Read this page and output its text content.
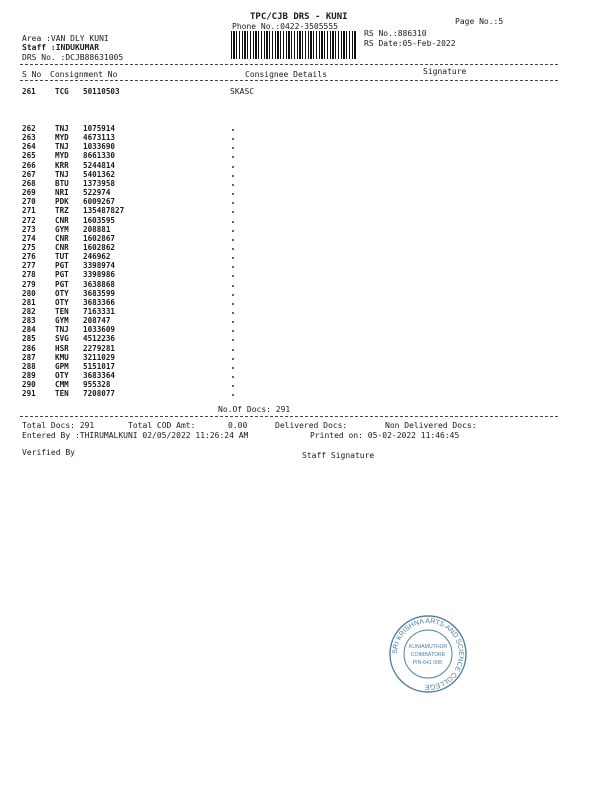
TPC/CJB DRS - KUNI
Phone No.:0422-3505555
Page No.:5
Area :VAN DLY KUNI
Staff :INDUKUMAR
DRS No. :DCJB88631005
RS No.:886310
RS Date:05-Feb-2022
S No Consignment No	Consignee Details	Signature
261	TCG	50110503	SKASC
262	TNJ	1075914
263	MYD	4673113
264	TNJ	1033690
265	MYD	8661330
266	KRR	5244814
267	TNJ	5401362
268	BTU	1373958
269	NRI	522974
270	PDK	6009267
271	TRZ	135487827
272	CNR	1603595
273	GYM	208881
274	CNR	1602867
275	CNR	1602862
276	TUT	246962
277	PGT	3398974
278	PGT	3398986
279	PGT	3638868
280	OTY	3683599
281	OTY	3683366
282	TEN	7163331
283	GYM	208747
284	TNJ	1033609
285	SVG	4512236
286	HSR	2279281
287	KMU	3211029
288	GPM	5151017
289	OTY	3683364
290	CMM	955328
291	TEN	7208077
No.Of Docs: 291
Total Docs: 291	Total COD Amt:	0.00	Delivered Docs:	Non Delivered Docs:
Entered By :THIRUMALKUNI 02/05/2022 11:26:24 AM	Printed on: 05-02-2022 11:46:45
Verified By	Staff Signature
SRI KRISHNA ARTS AND SCIENCE COLLEGE
KUNIAMUTHUR
COIMBATORE
PIN-641 008.
